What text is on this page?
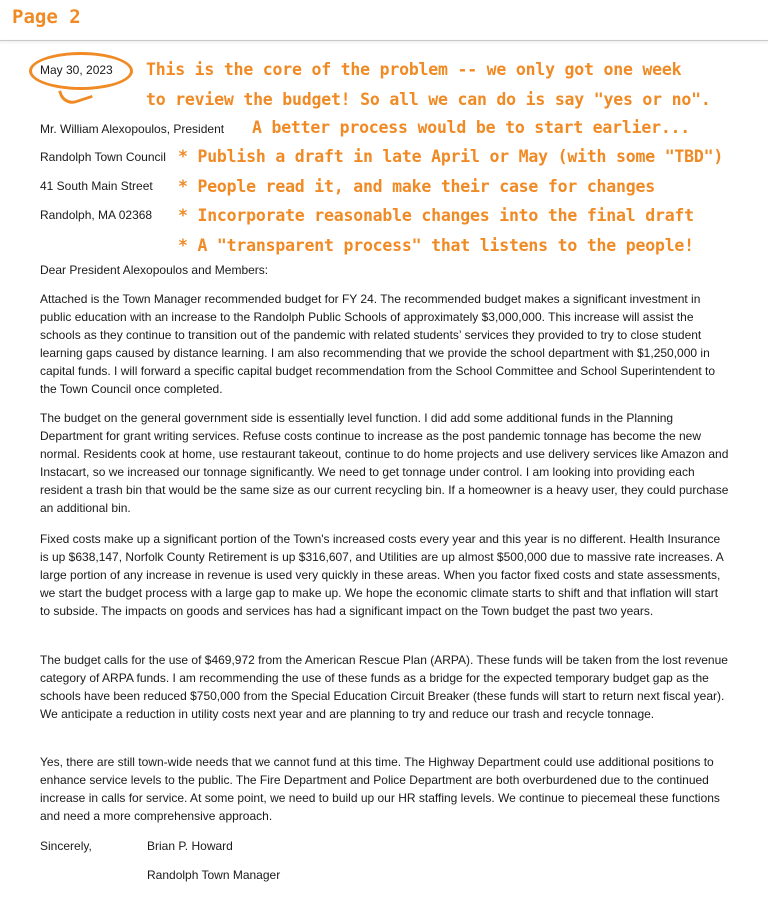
Page 2
May 30, 2023
Mr. William Alexopoulos, President
Randolph Town Council
41 South Main Street
Randolph, MA 02368
This is the core of the problem -- we only got one week
to review the budget! So all we can do is say "yes or no".
A better process would be to start earlier...
* Publish a draft in late April or May (with some "TBD")
* People read it, and make their case for changes
* Incorporate reasonable changes into the final draft
* A "transparent process" that listens to the people!
Dear President Alexopoulos and Members:
Attached is the Town Manager recommended budget for FY 24. The recommended budget makes a significant investment in public education with an increase to the Randolph Public Schools of approximately $3,000,000. This increase will assist the schools as they continue to transition out of the pandemic with related students’ services they provided to try to close student learning gaps caused by distance learning. I am also recommending that we provide the school department with $1,250,000 in capital funds. I will forward a specific capital budget recommendation from the School Committee and School Superintendent to the Town Council once completed.
The budget on the general government side is essentially level function. I did add some additional funds in the Planning Department for grant writing services. Refuse costs continue to increase as the post pandemic tonnage has become the new normal. Residents cook at home, use restaurant takeout, continue to do home projects and use delivery services like Amazon and Instacart, so we increased our tonnage significantly. We need to get tonnage under control. I am looking into providing each resident a trash bin that would be the same size as our current recycling bin. If a homeowner is a heavy user, they could purchase an additional bin.
Fixed costs make up a significant portion of the Town's increased costs every year and this year is no different. Health Insurance is up $638,147, Norfolk County Retirement is up $316,607, and Utilities are up almost $500,000 due to massive rate increases. A large portion of any increase in revenue is used very quickly in these areas. When you factor fixed costs and state assessments, we start the budget process with a large gap to make up. We hope the economic climate starts to shift and that inflation will start to subside. The impacts on goods and services has had a significant impact on the Town budget the past two years.
The budget calls for the use of $469,972 from the American Rescue Plan (ARPA). These funds will be taken from the lost revenue category of ARPA funds. I am recommending the use of these funds as a bridge for the expected temporary budget gap as the schools have been reduced $750,000 from the Special Education Circuit Breaker (these funds will start to return next fiscal year). We anticipate a reduction in utility costs next year and are planning to try and reduce our trash and recycle tonnage.
Yes, there are still town-wide needs that we cannot fund at this time. The Highway Department could use additional positions to enhance service levels to the public. The Fire Department and Police Department are both overburdened due to the continued increase in calls for service. At some point, we need to build up our HR staffing levels. We continue to piecemeal these functions and need a more comprehensive approach.
Sincerely,	Brian P. Howard
Randolph Town Manager
